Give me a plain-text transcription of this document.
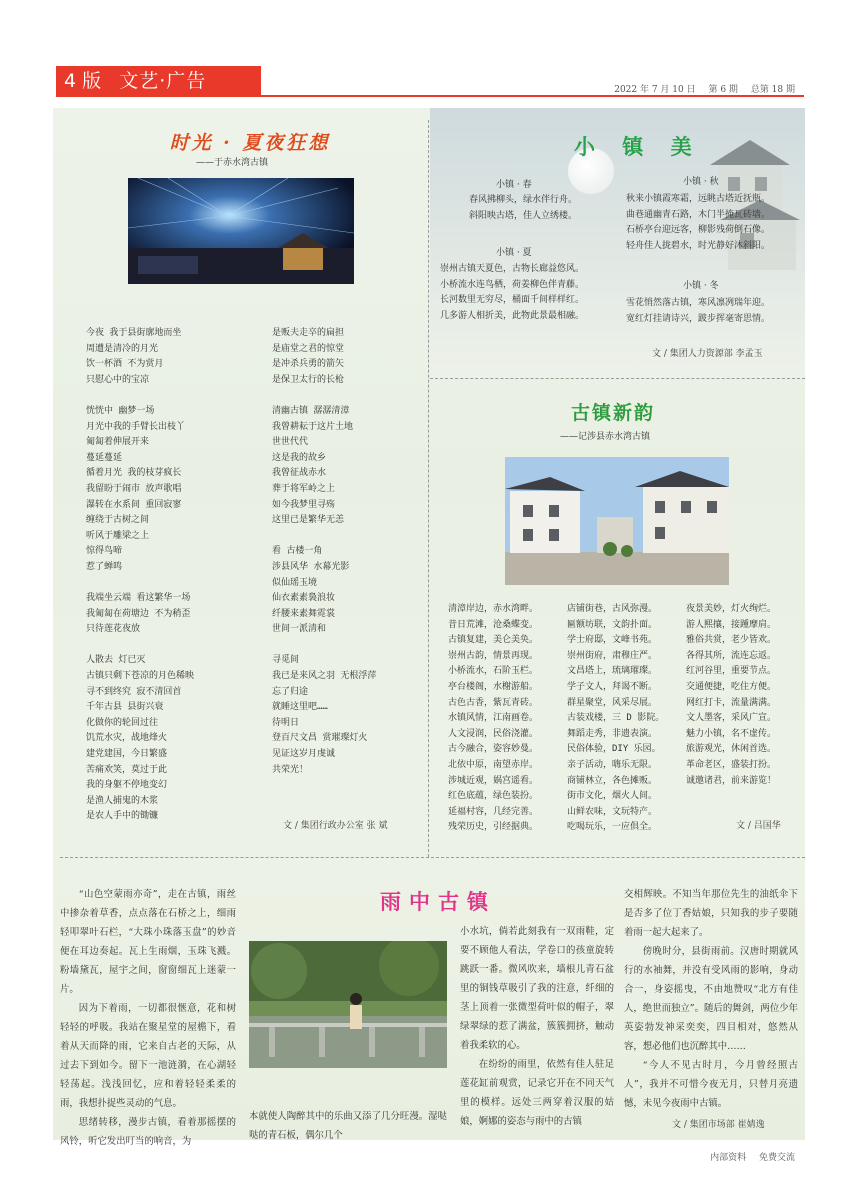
4 版 文艺·广告	2022 年 7 月 10 日 第 6 期 总第 18 期
时光 · 夏夜狂想
——于赤水湾古镇
今夜 我于县街廓地而坐
周遭是清冷的月光
饮一杯酒 不为赏月
只慰心中的宝凉

恍恍中 幽梦一场
月光中我的手臂长出枝丫
匍匐着伸展开来
蔓延蔓延
循着月光 我的枝芽疯长
我留盼于闹市 放声歌唱
瀑转在水系间 重回寂寥
缠绕于古树之间
听风于雕梁之上
惊得鸟啼
惹了蝉鸣

我端坐云端 看这繁华一场
我匍匐在荷塘边 不为稍歪
只待莲花夜放

人散去 灯已灭
古镇只剩下苍凉的月色稀映
寻不到终究 寂不清回首
千年古县 县街兴衰
化做你的轮回过往
饥荒水灾，战地烽火
建党建国，今日繁盛
苦痛欢笑，莫过于此
我的身躯不停地变幻
是渔人捕鬼的木浆
是农人手中的锄镰
是贩夫走卒的扁担
是庙堂之君的惊堂
是冲杀兵勇的箭矢
是保卫太行的长枪

清幽古镇 潺潺清漳
我曾耕耘于这片土地
世世代代
这是我的故乡
我曾征战赤水
葬于将军岭之上
如今我梦里寻殇
这里已是繁华无恙

看 古楼一角
涉县风华 水幕光影
似仙瑶玉境
仙衣素素裊浪妆
纤腰来素舞霓裳
世间一派清和

寻觅间
我已是来风之羽 无根浮萍
忘了归途
就睡这里吧……
待明日
登百尺文昌 赏璀璨灯火
见证这岁月虔诚
共荣光！
文 / 集团行政办公室 张 斌
小 镇 美
小镇 · 春
春风拂柳头，绿水伴行舟。
斜阳映古塔，佳人立绣楼。
小镇 · 夏
崇州古镇天夏色，古物长廊益悠风。
小桥流水连鸟栖，荷姜柳色伴青藤。
长河数里无穷尽，桶面千间样样红。
几多游人相折美，此物此景最相融。
小镇 · 秋
秋来小镇霞寒霜，远眺古塔近抚瓶。
曲巷通幽青石路，木门半掩瓦砖墙。
石桥亭台迎远客，柳影残荷倒石像。
轻舟佳人拢碧水，时光静好沐斜阳。
小镇 · 冬
雪花悄然落古镇，寒风凛冽瑞年迎。
宽红灯挂请诗兴，跛步挥毫寄思情。
文 / 集团人力资源部 李孟玉
古镇新韵
——记涉县赤水湾古镇
清漳岸边，赤水湾畔。
昔日荒滩，沧桑蝶变。
古镇复建，美仑美奂。
崇州古韵，情景再现。
小桥流水，石阶玉栏。
亭台楼阁，水榭游船。
古色古香，紫瓦青砖。
水镇风情，江南画卷。
人文浸润，民俗浇灌。
古今融合，姿容妙曼。
北依中原，南望赤岸。
涉城近观，娲宫遥看。
红色底蕴，绿色装扮。
延福村容，几经完善。
残荣历史，引经据典。
店铺街巷，古风弥漫。
匾额坊联，文韵扑面。
学士府邸，文峰书苑。
崇州街府，肃穆庄严。
文昌塔上，琉璃璀璨。
学子文人，拜谒不断。
群星聚堂，风采尽展。
古装戏楼，三 D 影院。
舞蹈走秀，非遗表演。
民俗体验，DIY 乐园。
亲子活动，嗨乐无限。
商铺林立，各色摊贩。
街市文化，烟火人间。
山鲜农味，文玩特产。
吃喝玩乐，一应俱全。
夜景美妙，灯火绚烂。
游人熙攘，接踵摩肩。
雅俗共赏，老少皆欢。
各得其所，流连忘返。
红河谷里，重要节点。
交通便捷，吃住方便。
网红打卡，流量满满。
文人墨客，采风广宣。
魅力小镇，名不虚传。
旅游观光，休闲首选。
革命老区，盛装打扮。
诚邀诸君，前来游览！
文 / 吕国华
雨中古镇

“山色空蒙雨亦奇”，走在古镇，雨丝中掺杂着草香，点点落在石桥之上，细雨轻叩翠叶石栏，“大珠小珠落玉盘”的妙音便在耳边奏起。瓦上生雨烟，玉珠飞溅。粉墙黛瓦，屋宇之间，窗窗细瓦上迷蒙一片。

因为下着雨，一切都很惬意，花和树轻轻的呼吸。我站在聚星堂的屋檐下，看着从天而降的雨，它来自古老的天际，从过去下到如今。留下一池涟漪，在心湖轻轻荡起。浅浅回忆，应和着轻轻柔柔的雨，我想扑捉些灵动的气息。

思绪转移，漫步古镇，看着那摇摆的风铃，听它发出叮当的响音，为

本就使人陶醉其中的乐曲又添了几分旺漫。湿哒哒的青石板，偶尔几个

小水坑，倘若此刻我有一双雨鞋，定要不顾他人看法，学卷口的孩童旋转跳跃一番。微风吹来，墙根儿青石盆里的铜钱草吸引了我的注意，纤细的茎上顶着一张微型荷叶似的帽子，翠绿翠绿的惹了满盆，簇簇拥挤，触动着我柔软的心。

在纷纷的雨里，依然有佳人驻足莲花缸前观赏，记录它开在不同天气里的模样。远处三两穿着汉服的姑娘，婀娜的姿态与雨中的古镇

交相辉映。不知当年那位先生的油纸伞下是否多了位丁香姑娘，只知我的步子要随着雨一起大起来了。

傍晚时分，县街雨前。汉唐时期就风行的水袖舞，并没有受风雨的影响，身动合一，身姿摇曳，不由地赞叹“北方有佳人，绝世而独立”。随后的舞剑，两位少年英姿勃发神采奕奕，四目相对，悠然从容，想必他们也沉醉其中……

“今人不见古时月，今月曾经照古人”，我并不可惜今夜无月，只替月亮遗憾，未见今夜雨中古镇。

文 / 集团市场部 崔婧逸
内部资料 免费交流
